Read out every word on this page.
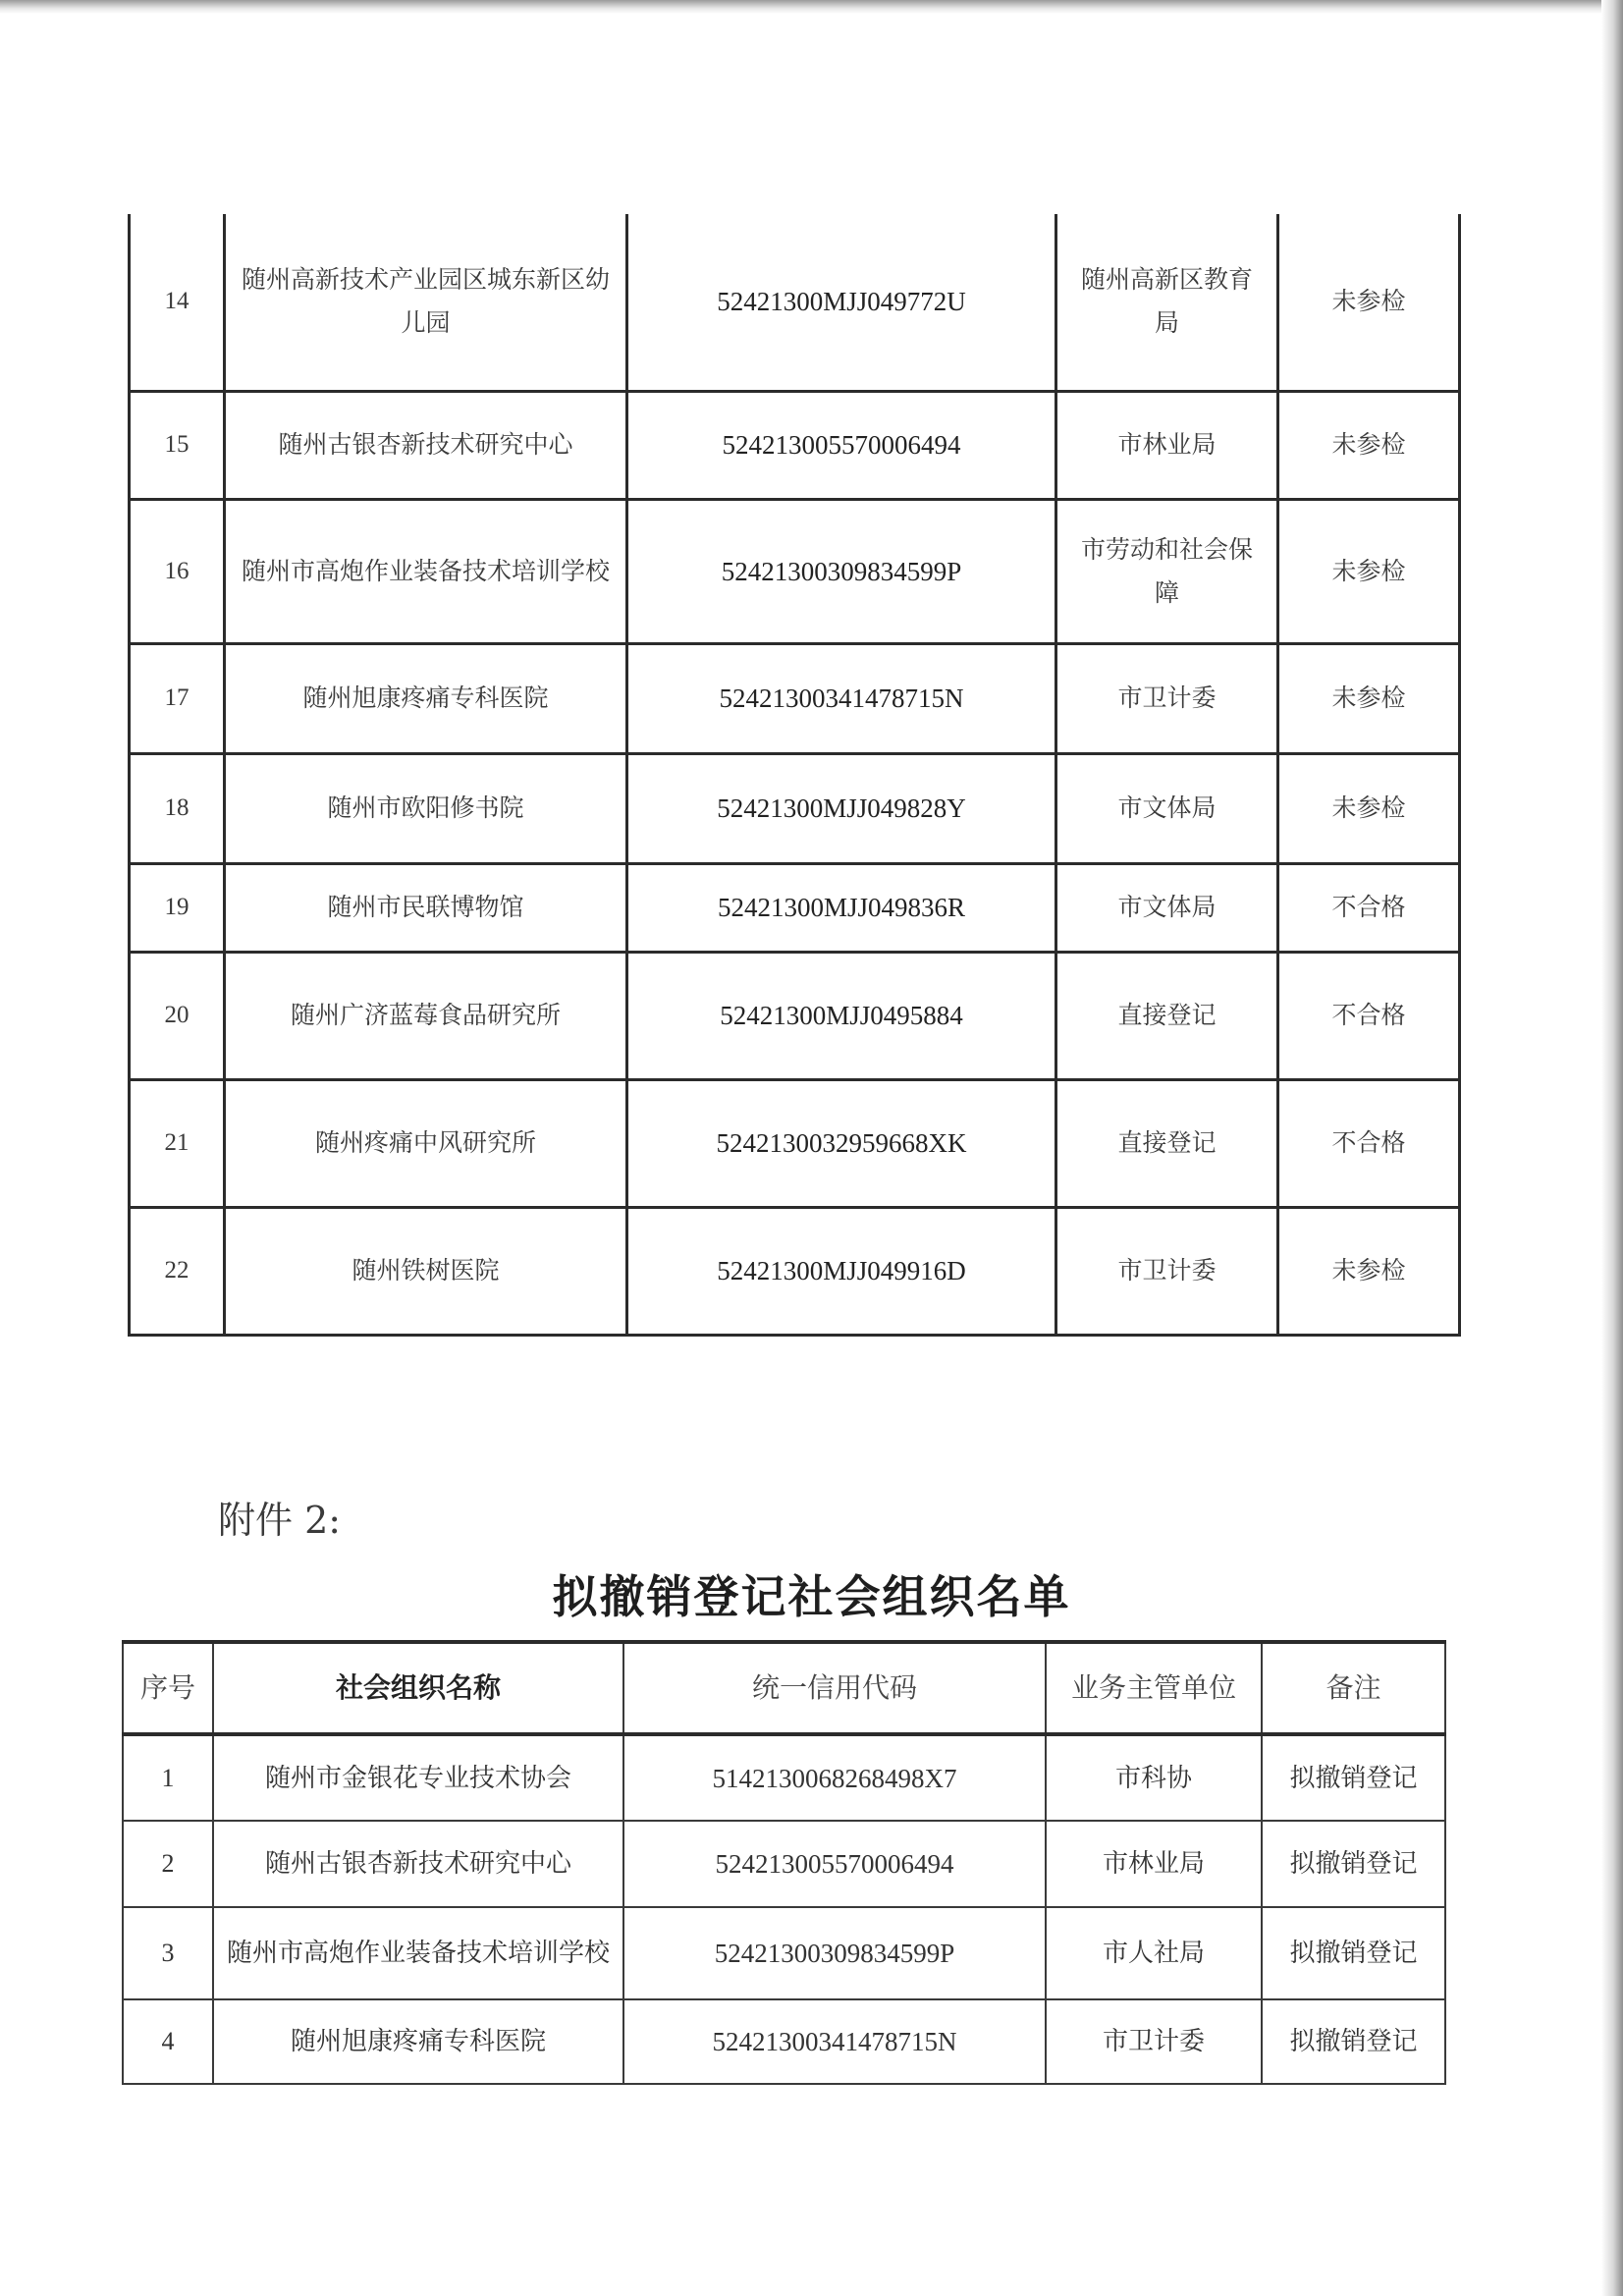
14	随州高新技术产业园区城东新区幼儿园	52421300MJJ049772U	随州高新区教育局	未参检
15	随州古银杏新技术研究中心	524213005570006494	市林业局	未参检
16	随州市高炮作业装备技术培训学校	52421300309834599P	市劳动和社会保障	未参检
17	随州旭康疼痛专科医院	52421300341478715N	市卫计委	未参检
18	随州市欧阳修书院	52421300MJJ049828Y	市文体局	未参检
19	随州市民联博物馆	52421300MJJ049836R	市文体局	不合格
20	随州广济蓝莓食品研究所	52421300MJJ0495884	直接登记	不合格
21	随州疼痛中风研究所	5242130032959668XK	直接登记	不合格
22	随州铁树医院	52421300MJJ049916D	市卫计委	未参检
附件 2:
拟撤销登记社会组织名单
序号	社会组织名称	统一信用代码	业务主管单位	备注
1	随州市金银花专业技术协会	5142130068268498X7	市科协	拟撤销登记
2	随州古银杏新技术研究中心	524213005570006494	市林业局	拟撤销登记
3	随州市高炮作业装备技术培训学校	52421300309834599P	市人社局	拟撤销登记
4	随州旭康疼痛专科医院	52421300341478715N	市卫计委	拟撤销登记
